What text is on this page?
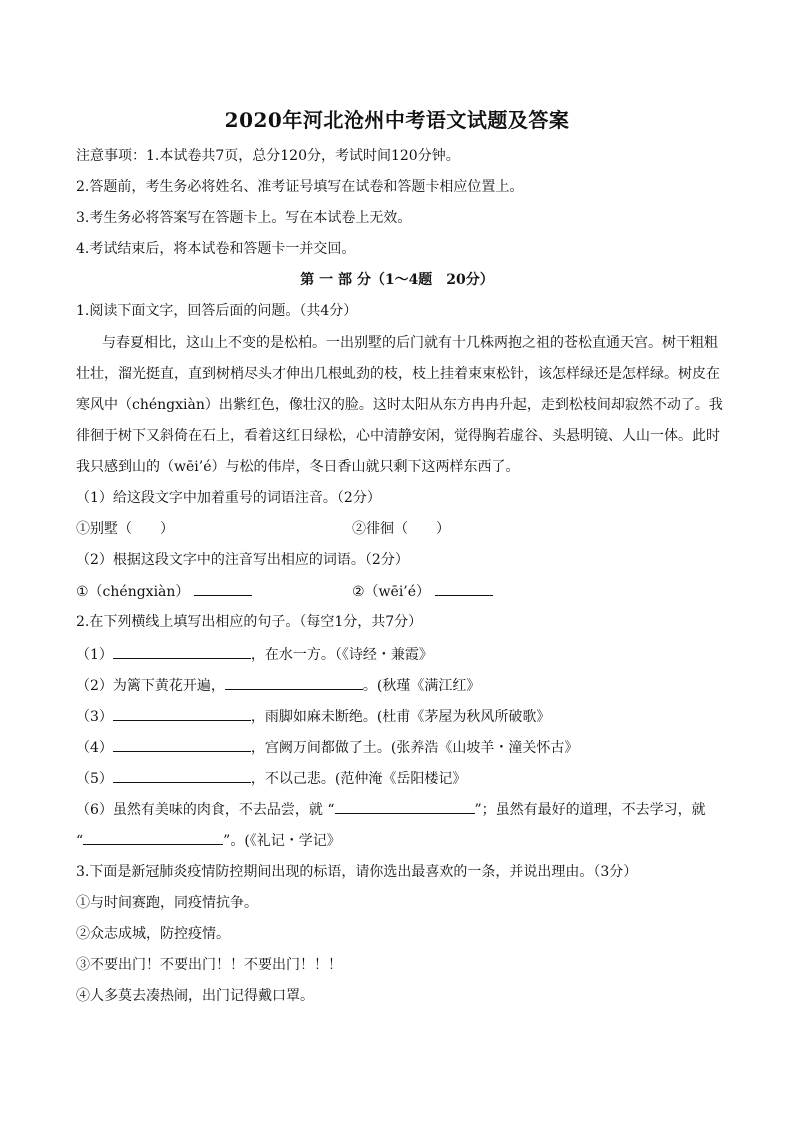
2020年河北沧州中考语文试题及答案
注意事项：1.本试卷共7页，总分120分，考试时间120分钟。
2.答题前，考生务必将姓名、准考证号填写在试卷和答题卡相应位置上。
3.考生务必将答案写在答题卡上。写在本试卷上无效。
4.考试结束后，将本试卷和答题卡一并交回。
第 一 部 分（1～4题　20分）
1.阅读下面文字，回答后面的问题。（共4分）
与春夏相比，这山上不变的是松柏。一出别墅的后门就有十几株两抱之祖的苍松直通天宫。树干粗粗
壮壮，溜光挺直，直到树梢尽头才伸出几根虬劲的枝，枝上挂着束束松针，该怎样绿还是怎样绿。树皮在
寒风中（chéngxiàn）出紫红色，像壮汉的脸。这时太阳从东方冉冉升起，走到松枝间却寂然不动了。我
徘徊于树下又斜倚在石上，看着这红日绿松，心中清静安闲，觉得胸若虚谷、头悬明镜、人山一体。此时
我只感到山的（wēi’é）与松的伟岸，冬日香山就只剩下这两样东西了。
（1）给这段文字中加着重号的词语注音。（2分）
①别墅（　　）	②徘徊（　　）
（2）根据这段文字中的注音写出相应的词语。（2分）
①（chéngxiàn）	②（wēi’é）
2.在下列横线上填写出相应的句子。（每空1分，共7分）
（1）	，在水一方。（《诗经・兼霞》
（2）为篱下黄花开遍，	。(秋瑾《满江红》
（3）	，雨脚如麻未断绝。(杜甫《茅屋为秋风所破歌》
（4）	，宫阙万间都做了土。(张养浩《山坡羊・潼关怀古》
（5）	，不以己悲。(范仲淹《岳阳楼记》
（6）虽然有美味的肉食，不去品尝，就 “	”；虽然有最好的道理，不去学习，就
“	”。(《礼记・学记》
3.下面是新冠肺炎疫情防控期间出现的标语，请你选出最喜欢的一条，并说出理由。（3分）
①与时间赛跑，同疫情抗争。
②众志成城，防控疫情。
③不要出门！不要出门！！不要出门！！！
④人多莫去凑热闹，出门记得戴口罩。
